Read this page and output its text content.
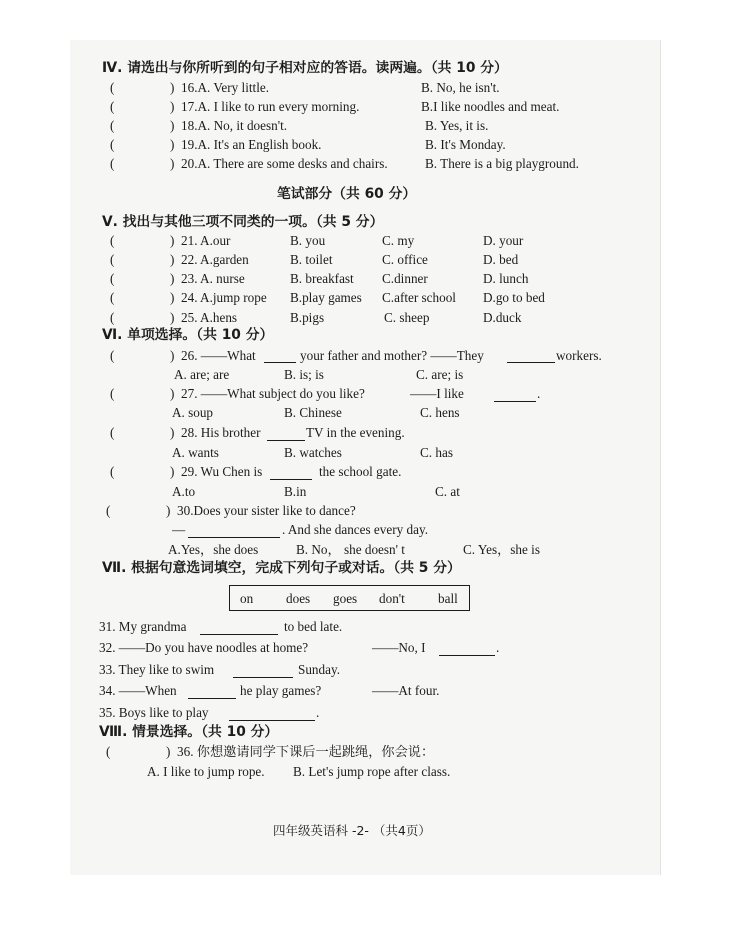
Ⅳ. 请选出与你所听到的句子相对应的答语。读两遍。（共 10 分）
(	) 16.A. Very little.	B. No, he isn't.
(	) 17.A. I like to run every morning.	B.I like noodles and meat.
(	) 18.A. No, it doesn't.	B. Yes, it is.
(	) 19.A. It's an English book.	B. It's Monday.
(	) 20.A. There are some desks and chairs.	B. There is a big playground.
笔试部分（共 60 分）
Ⅴ. 找出与其他三项不同类的一项。（共 5 分）
(	) 21. A.our	B. you	C. my	D. your
(	) 22. A.garden	B. toilet	C. office	D. bed
(	) 23. A. nurse	B. breakfast C.dinner	D. lunch
(	) 24. A.jump rope B.play games C.after school D.go to bed
(	) 25. A.hens	B.pigs	C. sheep	D.duck
Ⅵ. 单项选择。（共 10 分）
(	) 26. ——What	your father and mother? ——They	workers.
A. are; are	B. is; is	C. are; is
(	) 27. ——What subject do you like?	——I like	.
A. soup	B. Chinese	C. hens
(	) 28. His brother	TV in the evening.
A. wants	B. watches	C. has
(	) 29. Wu Chen is	the school gate.
A.to	B.in	C. at
(	) 30.Does your sister like to dance?
—	. And she dances every day.
A.Yes，she does	B. No， she doesn' t	C. Yes，she is
Ⅶ. 根据句意选词填空，完成下列句子或对话。（共 5 分）
on does goes don't	ball
31. My grandma	to bed late.
32. ——Do you have noodles at home?	——No, I	.
33. They like to swim	Sunday.
34. ——When	he play games?	——At four.
35. Boys like to play	.
Ⅷ. 情景选择。（共 10 分）
(	) 36. 你想邀请同学下课后一起跳绳，你会说：
A. I like to jump rope. B. Let's jump rope after class.
四年级英语科 -2- （共4页）
